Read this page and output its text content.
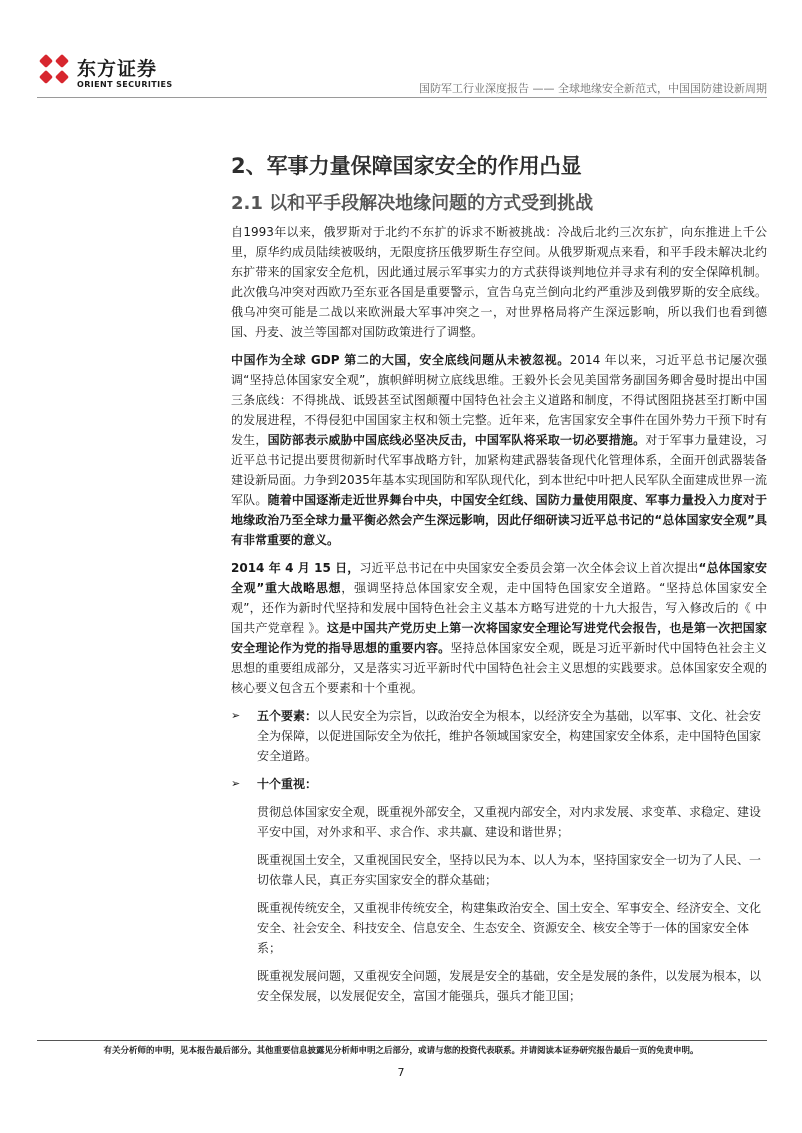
东方证券
ORIENT SECURITIES	国防军工行业深度报告 —— 全球地缘安全新范式，中国国防建设新周期
2、军事力量保障国家安全的作用凸显
2.1 以和平手段解决地缘问题的方式受到挑战

自1993年以来，俄罗斯对于北约不东扩的诉求不断被挑战：冷战后北约三次东扩，向东推进上千公里，原华约成员陆续被吸纳，无限度挤压俄罗斯生存空间。从俄罗斯观点来看，和平手段未解决北约东扩带来的国家安全危机，因此通过展示军事实力的方式获得谈判地位并寻求有利的安全保障机制。此次俄乌冲突对西欧乃至东亚各国是重要警示，宣告乌克兰倒向北约严重涉及到俄罗斯的安全底线。俄乌冲突可能是二战以来欧洲最大军事冲突之一，对世界格局将产生深远影响，所以我们也看到德国、丹麦、波兰等国都对国防政策进行了调整。

中国作为全球 GDP 第二的大国，安全底线问题从未被忽视。2014 年以来，习近平总书记屡次强调“坚持总体国家安全观”，旗帜鲜明树立底线思维。王毅外长会见美国常务副国务卿舍曼时提出中国三条底线：不得挑战、诋毁甚至试图颠覆中国特色社会主义道路和制度，不得试图阻挠甚至打断中国的发展进程，不得侵犯中国国家主权和领土完整。近年来，危害国家安全事件在国外势力干预下时有发生，国防部表示威胁中国底线必坚决反击，中国军队将采取一切必要措施。对于军事力量建设，习近平总书记提出要贯彻新时代军事战略方针，加紧构建武器装备现代化管理体系，全面开创武器装备建设新局面。力争到2035年基本实现国防和军队现代化，到本世纪中叶把人民军队全面建成世界一流军队。随着中国逐渐走近世界舞台中央，中国安全红线、国防力量使用限度、军事力量投入力度对于地缘政治乃至全球力量平衡必然会产生深远影响，因此仔细研读习近平总书记的“总体国家安全观”具有非常重要的意义。

2014 年 4 月 15 日，习近平总书记在中央国家安全委员会第一次全体会议上首次提出“总体国家安全观”重大战略思想，强调坚持总体国家安全观，走中国特色国家安全道路。“坚持总体国家安全观”，还作为新时代坚持和发展中国特色社会主义基本方略写进党的十九大报告，写入修改后的《 中国共产党章程 》。这是中国共产党历史上第一次将国家安全理论写进党代会报告，也是第一次把国家安全理论作为党的指导思想的重要内容。坚持总体国家安全观，既是习近平新时代中国特色社会主义思想的重要组成部分，又是落实习近平新时代中国特色社会主义思想的实践要求。总体国家安全观的核心要义包含五个要素和十个重视。

➢ 五个要素：以人民安全为宗旨，以政治安全为根本，以经济安全为基础，以军事、文化、社会安全为保障，以促进国际安全为依托，维护各领域国家安全，构建国家安全体系，走中国特色国家安全道路。
➢ 十个重视：

贯彻总体国家安全观，既重视外部安全，又重视内部安全，对内求发展、求变革、求稳定、建设平安中国，对外求和平、求合作、求共赢、建设和谐世界；

既重视国土安全，又重视国民安全，坚持以民为本、以人为本，坚持国家安全一切为了人民、一切依靠人民，真正夯实国家安全的群众基础；

既重视传统安全，又重视非传统安全，构建集政治安全、国土安全、军事安全、经济安全、文化安全、社会安全、科技安全、信息安全、生态安全、资源安全、核安全等于一体的国家安全体系；

既重视发展问题，又重视安全问题，发展是安全的基础，安全是发展的条件，以发展为根本，以安全保发展，以发展促安全，富国才能强兵，强兵才能卫国；

有关分析师的申明，见本报告最后部分。其他重要信息披露见分析师申明之后部分，或请与您的投资代表联系。并请阅读本证券研究报告最后一页的免责申明。
7
